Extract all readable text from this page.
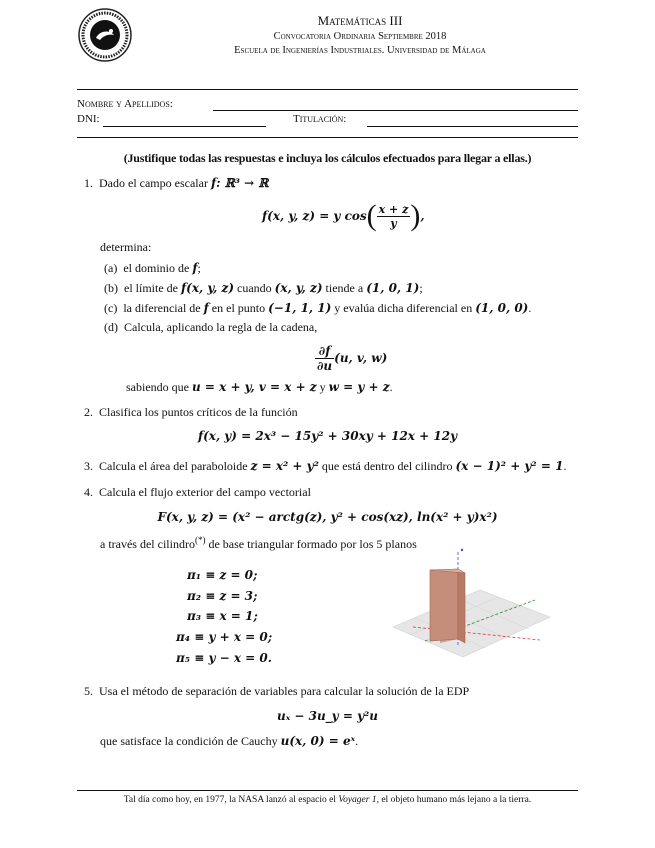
Matemáticas III
Convocatoria Ordinaria Septiembre 2018
Escuela de Ingenierías Industriales. Universidad de Málaga
Nombre y Apellidos:
DNI:	Titulación:
(Justifique todas las respuestas e incluya los cálculos efectuados para llegar a ellas.)
1. Dado el campo escalar f: ℝ³ → ℝ
f(x, y, z) = y cos ( $\frac{x + z}{y}$ ) ,
determina:
(a) el dominio de f;
(b) el límite de f(x, y, z) cuando (x, y, z) tiende a (1, 0, 1);
(c) la diferencial de f en el punto (−1, 1, 1) y evalúa dicha diferencial en (1, 0, 0).
(d) Calcula, aplicando la regla de la cadena,
$\frac{\partial f}{\partial u} (u$, v, w)
sabiendo que u = x + y, v = x + z y w = y + z.
2. Clasifica los puntos críticos de la función
f(x, y) = 2x³ − 15y² + 30xy + 12x + 12y
3. Calcula el área del paraboloide z = x² + y² que está dentro del cilindro (x − 1)² + y² = 1.
4. Calcula el flujo exterior del campo vectorial
F(x, y, z) = (x² − arctg(z), y² + cos(xz), ln(x² + y)x²)
a través del cilindro(*) de base triangular formado por los 5 planos
π₁ ≡ z = 0;
π₂ ≡ z = 3;
π₃ ≡ x = 1;
π₄ ≡ y + x = 0;
π₅ ≡ y − x = 0.
5. Usa el método de separación de variables para calcular la solución de la EDP
uₓ − 3u_y = y²u
que satisface la condición de Cauchy u(x, 0) = eˣ.
Tal día como hoy, en 1977, la NASA lanzó al espacio el Voyager 1, el objeto humano más lejano a la tierra.
